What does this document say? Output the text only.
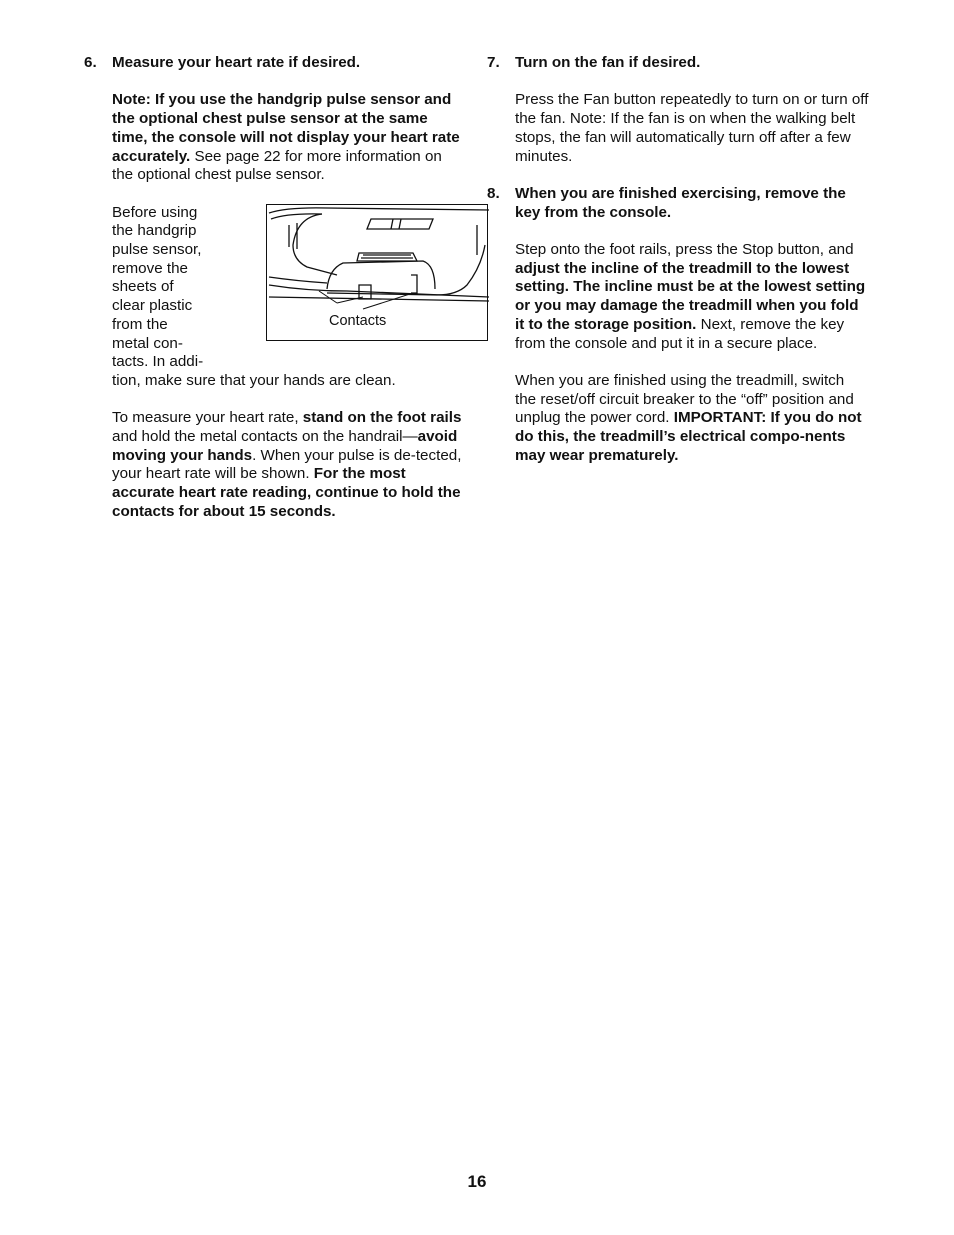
6.	Measure your heart rate if desired.

Note: If you use the handgrip pulse sensor and the optional chest pulse sensor at the same time, the console will not display your heart rate accurately. See page 22 for more information on the optional chest pulse sensor.

Contacts
Before using
the handgrip
pulse sensor,
remove the
sheets of
clear plastic
from the
metal con-
tacts. In addi-
tion, make sure that your hands are clean.

To measure your heart rate, stand on the foot rails and hold the metal contacts on the handrail—avoid moving your hands. When your pulse is de-tected, your heart rate will be shown. For the most accurate heart rate reading, continue to hold the contacts for about 15 seconds.

7.	Turn on the fan if desired.

Press the Fan button repeatedly to turn on or turn off the fan. Note: If the fan is on when the walking belt stops, the fan will automatically turn off after a few minutes.

8.	When you are finished exercising, remove the key from the console.

Step onto the foot rails, press the Stop button, and adjust the incline of the treadmill to the lowest setting. The incline must be at the lowest setting or you may damage the treadmill when you fold it to the storage position. Next, remove the key from the console and put it in a secure place.

When you are finished using the treadmill, switch the reset/off circuit breaker to the “off” position and unplug the power cord. IMPORTANT: If you do not do this, the treadmill’s electrical compo-nents may wear prematurely.

16
